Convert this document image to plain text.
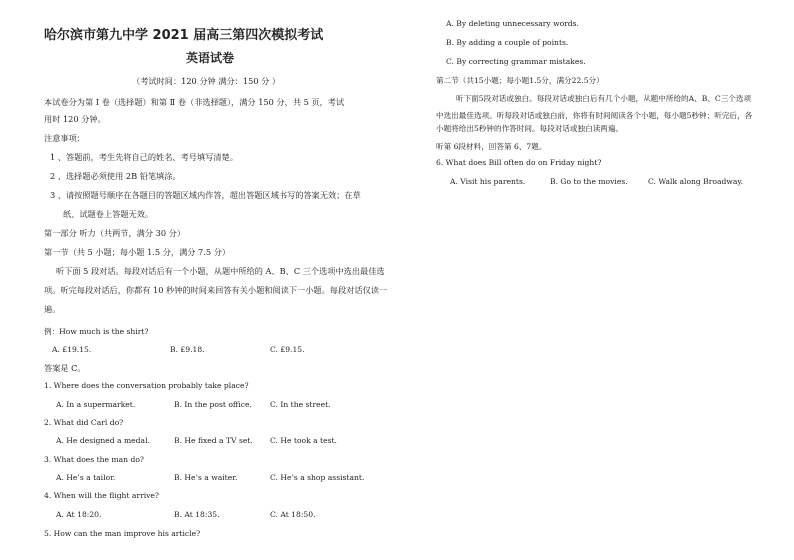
哈尔滨市第九中学 2021 届高三第四次模拟考试
英语试卷
（考试时间：120 分钟 满分：150 分 ）
本试卷分为第 Ⅰ 卷（选择题）和第 Ⅱ 卷（非选择题），满分 150 分，共 5 页，考试
用时 120 分钟。
注意事项：
1 、答题前，考生先将自己的姓名、考号填写清楚。
2 、选择题必须使用 2B 铅笔填涂。
3 、请按照题号顺序在各题目的答题区域内作答，超出答题区域书写的答案无效；在草
纸、试题卷上答题无效。
第一部分 听力（共两节，满分 30 分）
第一节（共 5 小题；每小题 1.5 分，满分 7.5 分）
听下面 5 段对话。每段对话后有一个小题，从题中所给的 A、B、C 三个选项中选出最佳选
项。听完每段对话后，你都有 10 秒钟的时间来回答有关小题和阅读下一小题。每段对话仅读一
遍。
例：How much is the shirt?
A. £19.15.	B. £9.18.	C. £9.15.
答案是 C。
1. Where does the conversation probably take place?
A. In a supermarket.	B. In the post office. C. In the street.
2. What did Carl do?
A. He designed a medal.	B. He fixed a TV set. C. He took a test.
3. What does the man do?
A. He’s a tailor.	B. He’s a waiter.	C. He’s a shop assistant.
4. When will the flight arrive?
A. At 18:20.	B. At 18:35.	C. At 18:50.
5. How can the man improve his article?
A. By deleting unnecessary words.
B. By adding a couple of points.
C. By correcting grammar mistakes.
第二节（共15小题；每小题1.5分，满分22.5分）
听下面5段对话或独白。每段对话或独白后有几个小题，从题中所给的A、B、C三个选项
中选出最佳选项。听每段对话或独白前，你将有时间阅读各个小题，每小题5秒钟；听完后，各
小题将给出5秒钟的作答时间。每段对话或独白读两遍。
听第 6段材料，回答第 6、7题。
6. What does Bill often do on Friday night?
A. Visit his parents.	B. Go to the movies.	C. Walk along Broadway.
